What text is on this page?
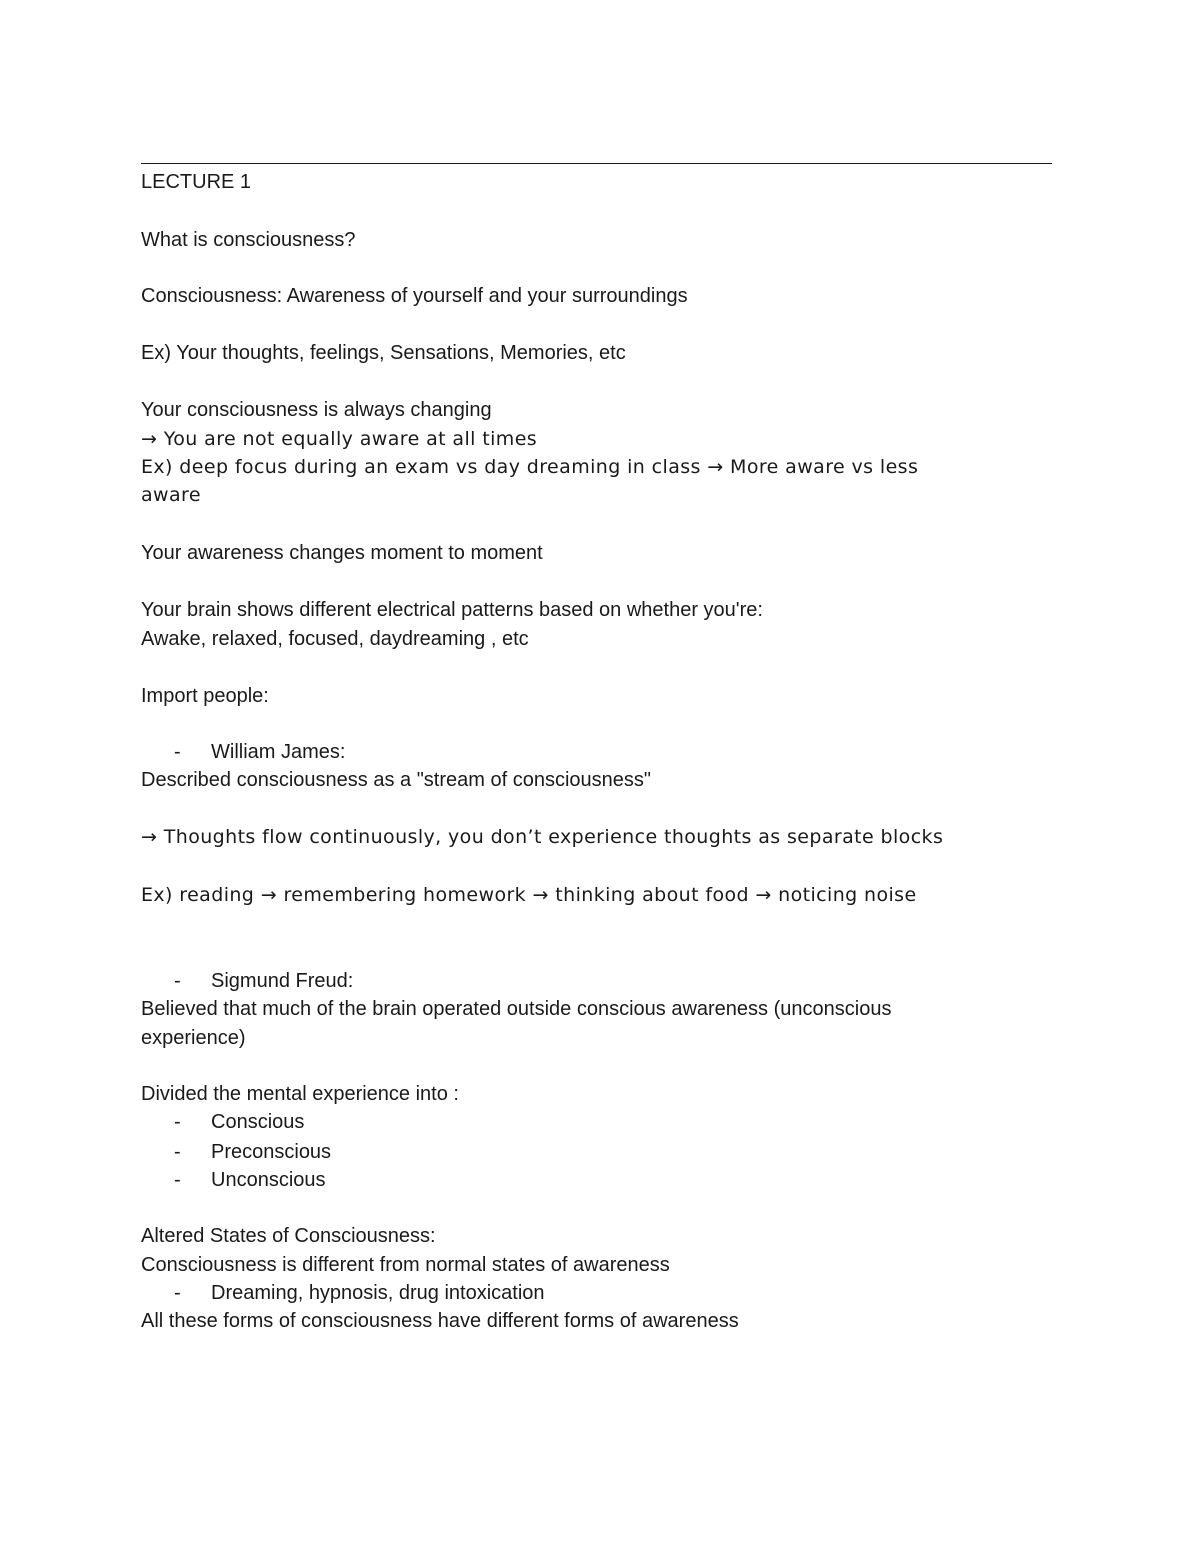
LECTURE 1
What is consciousness?
Consciousness: Awareness of yourself and your surroundings
Ex) Your thoughts, feelings, Sensations, Memories, etc
Your consciousness is always changing
→ You are not equally aware at all times
Ex) deep focus during an exam vs day dreaming in class → More aware vs less
aware
Your awareness changes moment to moment
Your brain shows different electrical patterns based on whether you're:
Awake, relaxed, focused, daydreaming , etc
Import people:
- William James:
Described consciousness as a "stream of consciousness"
→ Thoughts flow continuously, you don’t experience thoughts as separate blocks
Ex) reading → remembering homework → thinking about food → noticing noise
- Sigmund Freud:
Believed that much of the brain operated outside conscious awareness (unconscious
experience)
Divided the mental experience into :
- Conscious
- Preconscious
- Unconscious
Altered States of Consciousness:
Consciousness is different from normal states of awareness
- Dreaming, hypnosis, drug intoxication
All these forms of consciousness have different forms of awareness
